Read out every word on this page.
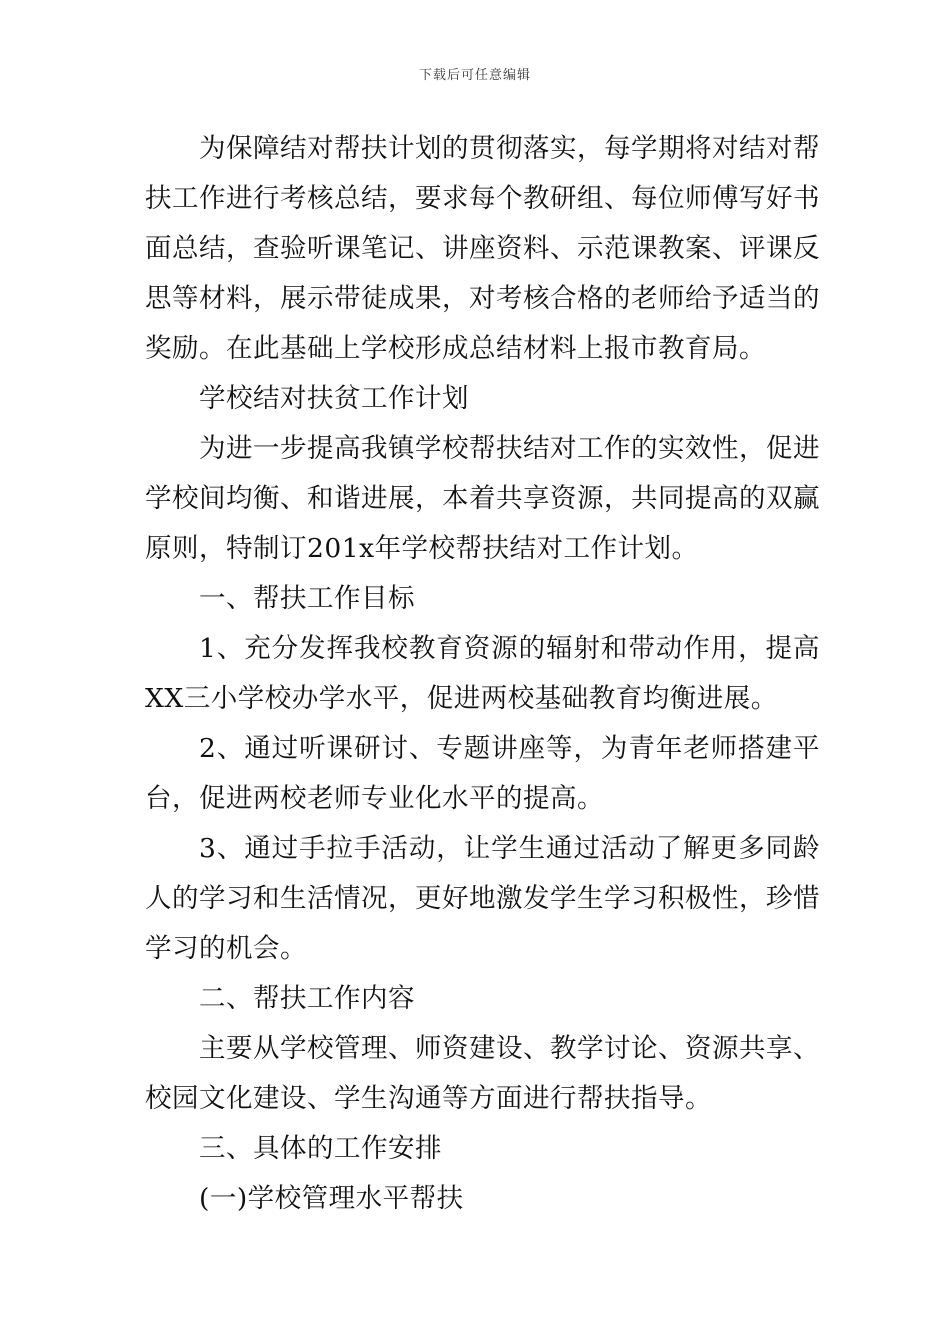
下载后可任意编辑

为保障结对帮扶计划的贯彻落实，每学期将对结对帮扶工作进行考核总结，要求每个教研组、每位师傅写好书面总结，查验听课笔记、讲座资料、示范课教案、评课反思等材料，展示带徒成果，对考核合格的老师给予适当的奖励。在此基础上学校形成总结材料上报市教育局。

学校结对扶贫工作计划

为进一步提高我镇学校帮扶结对工作的实效性，促进学校间均衡、和谐进展，本着共享资源，共同提高的双赢原则，特制订201x年学校帮扶结对工作计划。

一、帮扶工作目标

1、充分发挥我校教育资源的辐射和带动作用，提高XX三小学校办学水平，促进两校基础教育均衡进展。

2、通过听课研讨、专题讲座等，为青年老师搭建平台，促进两校老师专业化水平的提高。

3、通过手拉手活动，让学生通过活动了解更多同龄人的学习和生活情况，更好地激发学生学习积极性，珍惜学习的机会。

二、帮扶工作内容

主要从学校管理、师资建设、教学讨论、资源共享、校园文化建设、学生沟通等方面进行帮扶指导。

三、具体的工作安排

(一)学校管理水平帮扶
